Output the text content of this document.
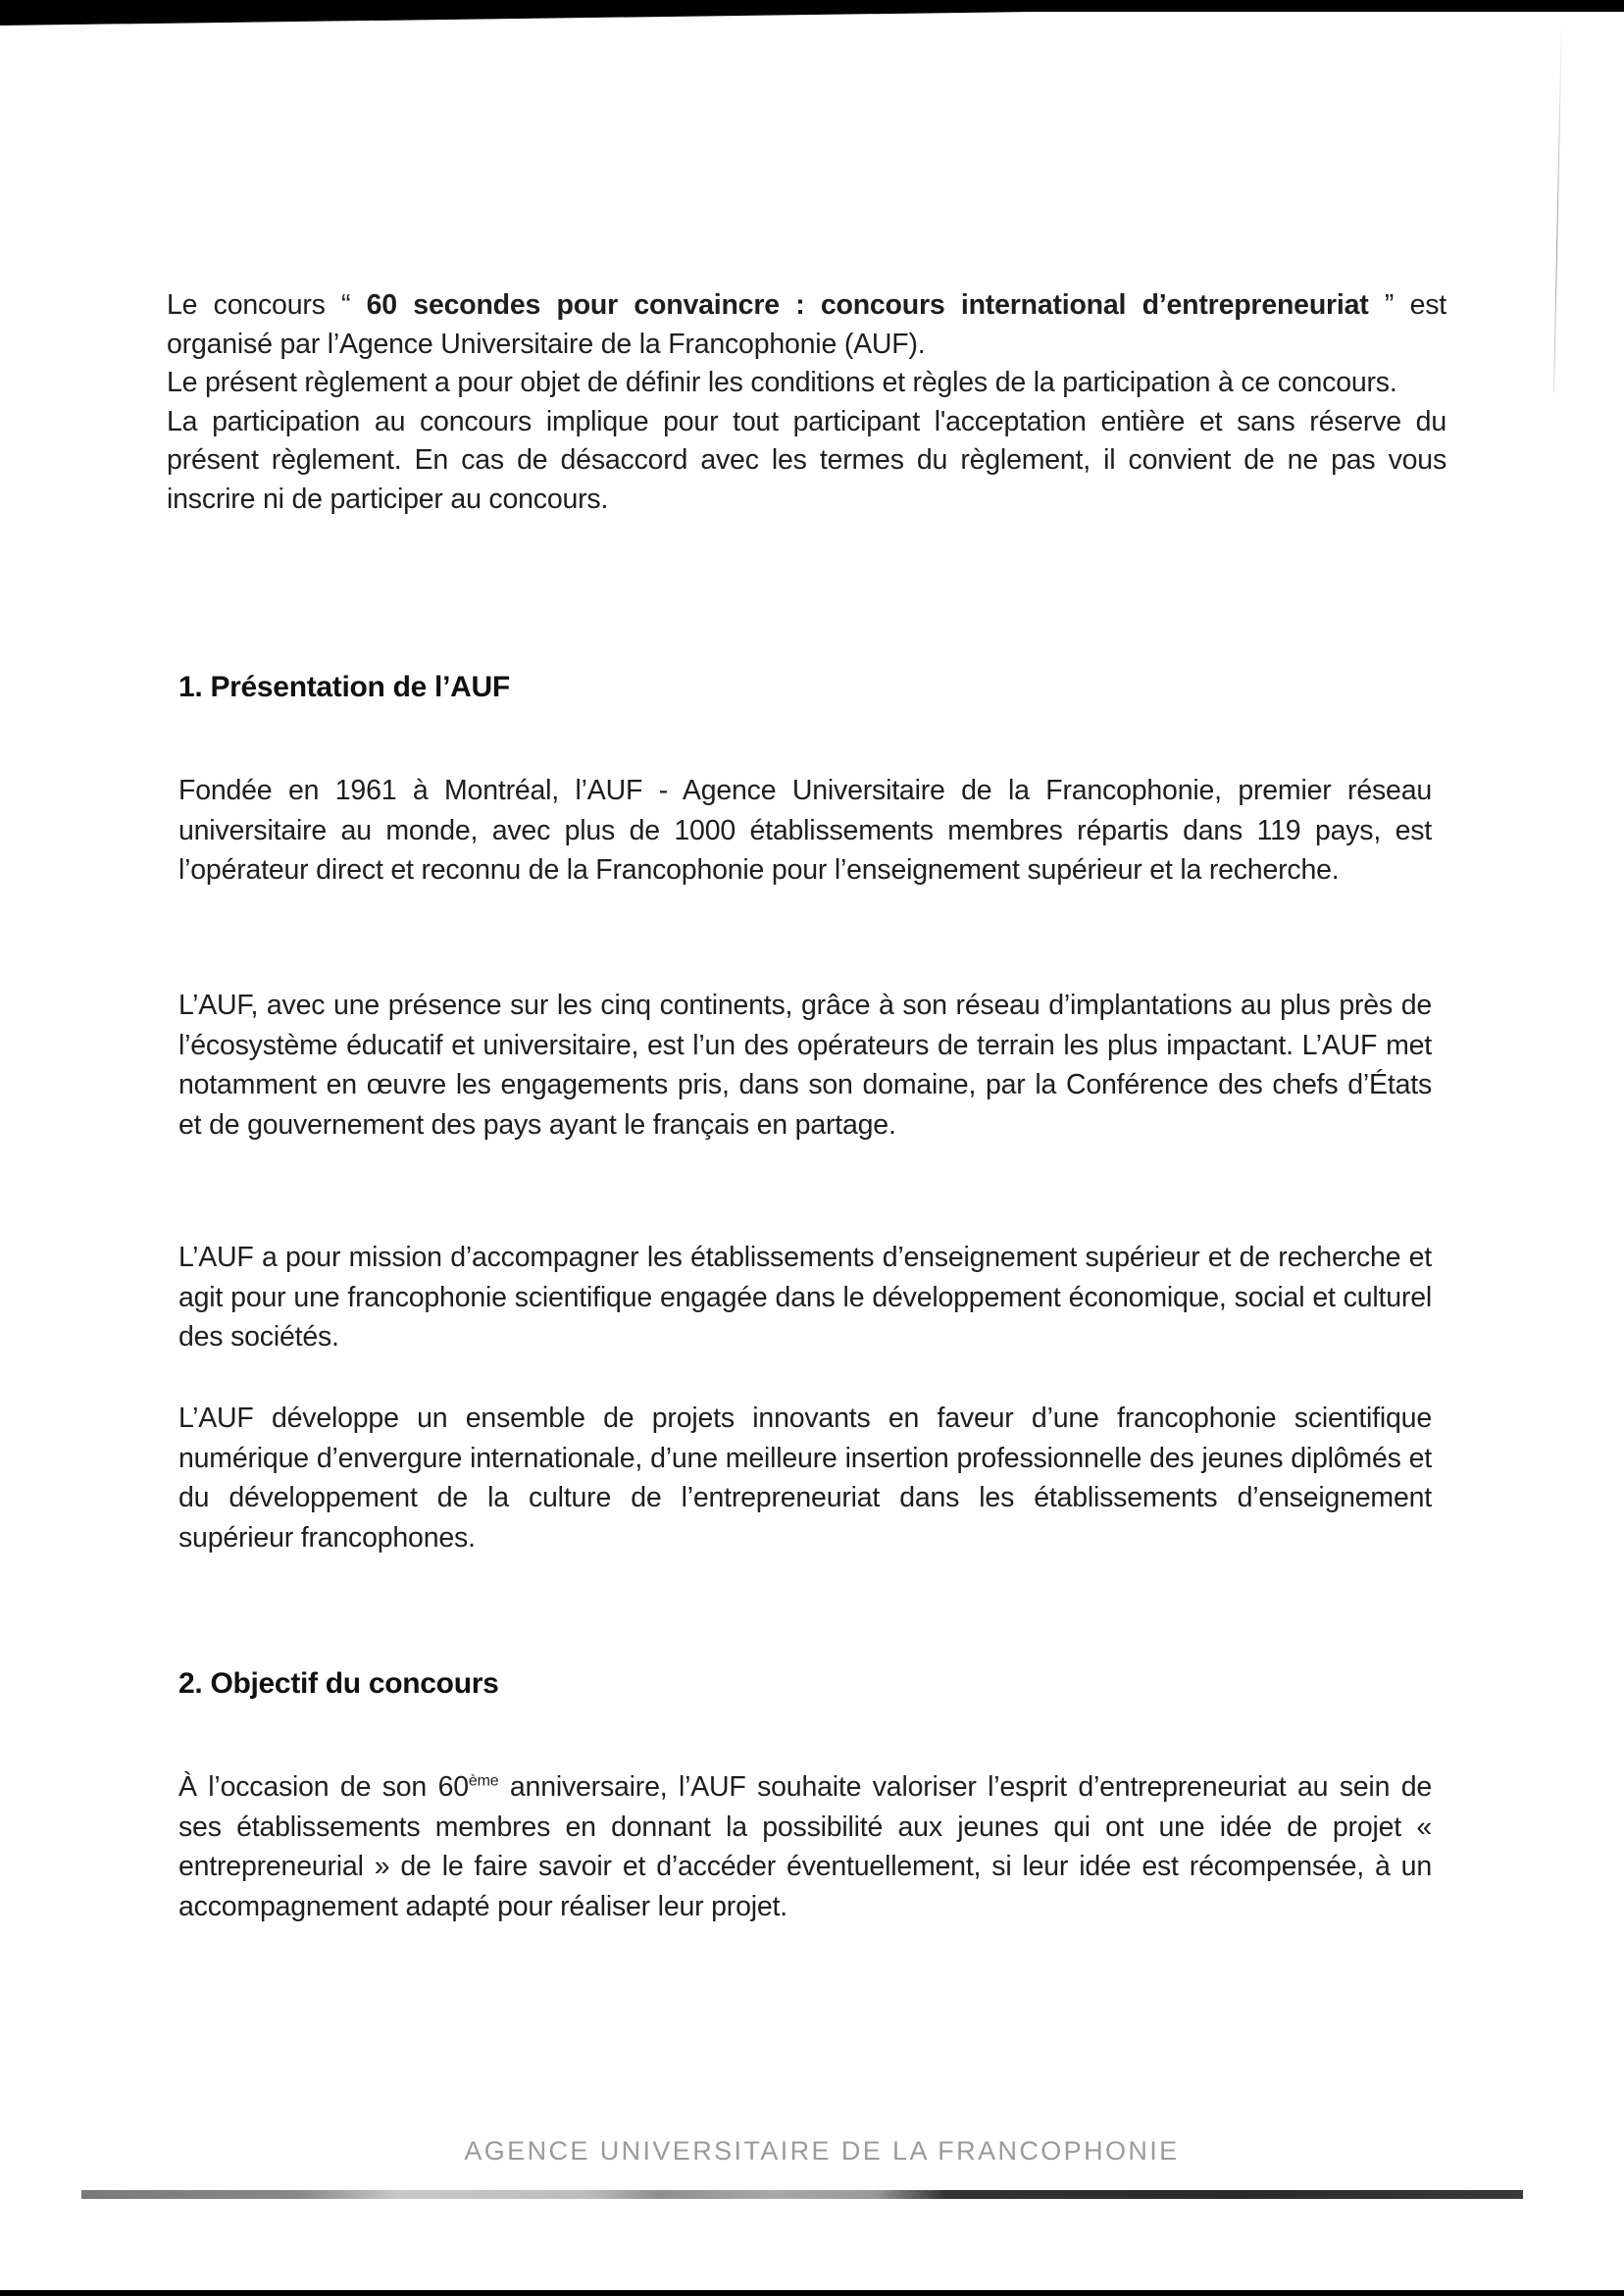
Le concours “ 60 secondes pour convaincre : concours international d’entrepreneuriat ” est organisé par l’Agence Universitaire de la Francophonie (AUF).

Le présent règlement a pour objet de définir les conditions et règles de la participation à ce concours.

La participation au concours implique pour tout participant l'acceptation entière et sans réserve du présent règlement. En cas de désaccord avec les termes du règlement, il convient de ne pas vous inscrire ni de participer au concours.

1. Présentation de l’AUF

Fondée en 1961 à Montréal, l’AUF - Agence Universitaire de la Francophonie, premier réseau universitaire au monde, avec plus de 1000 établissements membres répartis dans 119 pays, est l’opérateur direct et reconnu de la Francophonie pour l’enseignement supérieur et la recherche.

L’AUF, avec une présence sur les cinq continents, grâce à son réseau d’implantations au plus près de l’écosystème éducatif et universitaire, est l’un des opérateurs de terrain les plus impactant. L’AUF met notamment en œuvre les engagements pris, dans son domaine, par la Conférence des chefs d’États et de gouvernement des pays ayant le français en partage.

L’AUF a pour mission d’accompagner les établissements d’enseignement supérieur et de recherche et agit pour une francophonie scientifique engagée dans le développement économique, social et culturel des sociétés.

L’AUF développe un ensemble de projets innovants en faveur d’une francophonie scientifique numérique d’envergure internationale, d’une meilleure insertion professionnelle des jeunes diplômés et du développement de la culture de l’entrepreneuriat dans les établissements d’enseignement supérieur francophones.

2. Objectif du concours

À l’occasion de son 60ème anniversaire, l’AUF souhaite valoriser l’esprit d’entrepreneuriat au sein de ses établissements membres en donnant la possibilité aux jeunes qui ont une idée de projet « entrepreneurial » de le faire savoir et d’accéder éventuellement, si leur idée est récompensée, à un accompagnement adapté pour réaliser leur projet.

AGENCE UNIVERSITAIRE DE LA FRANCOPHONIE
